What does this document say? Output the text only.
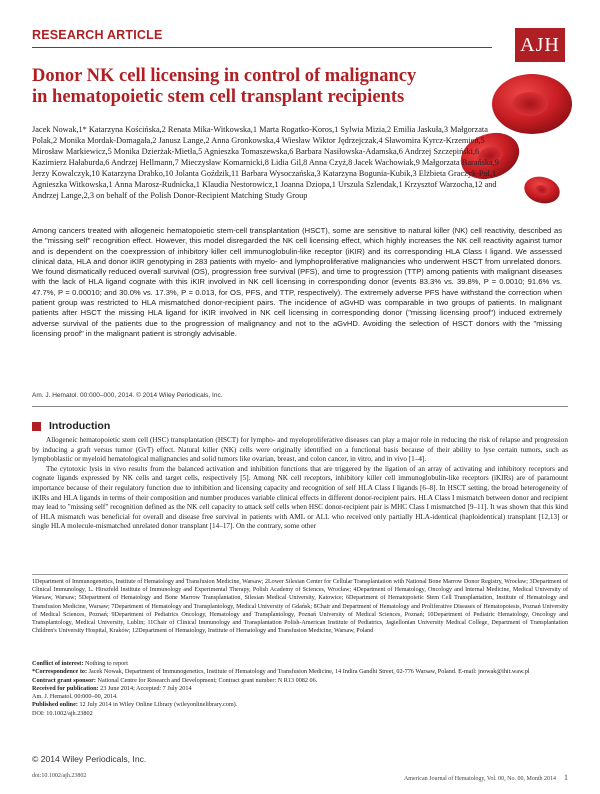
RESEARCH ARTICLE	AJH
Donor NK cell licensing in control of malignancy in hematopoietic stem cell transplant recipients
Jacek Nowak,1* Katarzyna Kościńska,2 Renata Mika-Witkowska,1 Marta Rogatko-Koros,1 Sylwia Mizia,2 Emilia Jaskuła,3 Małgorzata Polak,2 Monika Mordak-Domagała,2 Janusz Lange,2 Anna Gronkowska,4 Wiesław Wiktor Jędrzejczak,4 Sławomira Kyrcz-Krzemień,5 Mirosław Markiewicz,5 Monika Dzierżak-Mietła,5 Agnieszka Tomaszewska,6 Barbara Nasiłowska-Adamska,6 Andrzej Szczepiński,6 Kazimierz Hałaburda,6 Andrzej Hellmann,7 Mieczysław Komarnicki,8 Lidia Gil,8 Anna Czyż,8 Jacek Wachowiak,9 Małgorzata Barańska,9 Jerzy Kowalczyk,10 Katarzyna Drabko,10 Jolanta Goździk,11 Barbara Wysoczańska,3 Katarzyna Bogunia-Kubik,3 Elżbieta Graczyk-Pol,1 Agnieszka Witkowska,1 Anna Marosz-Rudnicka,1 Klaudia Nestorowicz,1 Joanna Dziopa,1 Urszula Szlendak,1 Krzysztof Warzocha,12 and Andrzej Lange,2,3 on behalf of the Polish Donor-Recipient Matching Study Group
Among cancers treated with allogeneic hematopoietic stem-cell transplantation (HSCT), some are sensitive to natural killer (NK) cell reactivity, described as the "missing self" recognition effect. However, this model disregarded the NK cell licensing effect, which highly increases the NK cell reactivity against tumor and is dependent on the coexpression of inhibitory killer cell immunoglobulin-like receptor (iKIR) and its corresponding HLA Class I ligand. We assessed clinical data, HLA and donor iKIR genotyping in 283 patients with myelo- and lymphoproliferative malignancies who underwent HSCT from unrelated donors. We found dismatically reduced overall survival (OS), progression free survival (PFS), and time to progression (TTP) among patients with malignant diseases with the lack of HLA ligand cognate with this iKIR involved in NK cell licensing in corresponding donor (events 83.3% vs. 39.8%, P = 0.0010; 91.6% vs. 47.7%, P = 0.00010; and 30.0% vs. 17.3%, P = 0.013, for OS, PFS, and TTP, respectively). The extremely adverse PFS have withstand the correction when patient group was restricted to HLA mismatched donor-recipient pairs. The incidence of aGvHD was comparable in two groups of patients. In malignant patients after HSCT the missing HLA ligand for iKIR involved in NK cell licensing in corresponding donor ("missing licensing proof") induced extremely adverse survival of the patients due to the progression of malignancy and not to the aGvHD. Avoiding the selection of HSCT donors with the "missing licensing proof" in the malignant patient is strongly advisable.
Am. J. Hematol. 00:000–000, 2014. © 2014 Wiley Periodicals, Inc.
Introduction

Allogeneic hematopoietic stem cell (HSC) transplantation (HSCT) for lympho- and myeloproliferative diseases can play a major role in reducing the risk of relapse and progression by inducing a graft versus tumor (GvT) effect. Natural killer (NK) cells were originally identified on a functional basis because of their ability to lyse certain tumors, such as lymphoblastic or myeloid hematological malignancies and solid tumors like ovarian, breast, and colon cancer, in vitro, and in vivo [1–4].

The cytotoxic lysis in vivo results from the balanced activation and inhibition functions that are triggered by the ligation of an array of activating and inhibitory receptors and cognate ligands expressed by NK cells and target cells, respectively [5]. Among NK cell receptors, inhibitory killer cell immunoglobulin-like receptors (iKIRs) are of paramount importance because of their regulatory function due to inhibition and licensing capacity and recognition of self HLA Class I ligands [6–8]. In HSCT setting, the broad heterogeneity of iKIRs and HLA ligands in terms of their composition and number produces variable clinical effects in different donor-recipient pairs. HLA Class I mismatch between donor and recipient may lead to "missing self" recognition defined as the NK cell capacity to attack self cells when HSC donor-recipient pair is MHC Class I mismatched [9–11]. It was shown that this kind of HLA mismatch was beneficial for overall and disease free survival in patients with AML or ALL who received only partially HLA-identical (haploidentical) transplant [12,13] or single HLA molecule-mismatched unrelated donor transplant [14–17]. On the contrary, some other

1Department of Immunogenetics, Institute of Hematology and Transfusion Medicine, Warsaw; 2Lower Silesian Center for Cellular Transplantation with National Bone Marrow Donor Registry, Wrocław; 3Department of Clinical Immunology, L. Hirszfeld Institute of Immunology and Experimental Therapy, Polish Academy of Sciences, Wrocław; 4Department of Hematology, Oncology and Internal Medicine, Medical University of Warsaw, Warsaw; 5Department of Hematology and Bone Marrow Transplantation, Silesian Medical University, Katowice; 6Department of Hematopoietic Stem Cell Transplantation, Institute of Hematology and Transfusion Medicine, Warsaw; 7Department of Hematology and Transplantology, Medical University of Gdańsk; 8Chair and Department of Hematology and Proliferative Diseases of Hematopoiesis, Poznań University of Medical Sciences, Poznań; 9Department of Pediatrics Oncology, Hematology and Transplantology, Poznań University of Medical Sciences, Poznań; 10Department of Pediatric Hematology, Oncology and Transplantology, Medical University, Lublin; 11Chair of Clinical Immunology and Transplantation Polish-American Institute of Pediatrics, Jagiellonian University Medical College, Department of Transplantation Children's University Hospital, Kraków; 12Department of Hematology, Institute of Hematology and Transfusion Medicine, Warsaw, Poland
Conflict of interest: Nothing to report
*Correspondence to: Jacek Nowak, Department of Immunogenetics, Institute of Hematology and Transfusion Medicine, 14 Indira Gandhi Street, 02-776 Warsaw, Poland. E-mail: jnowak@ihit.waw.pl
Contract grant sponsor: National Centre for Research and Development; Contract grant number: N R13 0082 06.
Received for publication: 23 June 2014; Accepted: 7 July 2014
Am. J. Hematol. 00:000–00, 2014.
Published online: 12 July 2014 in Wiley Online Library (wileyonlinelibrary.com).
DOI: 10.1002/ajh.23802
© 2014 Wiley Periodicals, Inc.
doi:10.1002/ajh.23802	American Journal of Hematology, Vol. 00, No. 00, Month 2014 1
